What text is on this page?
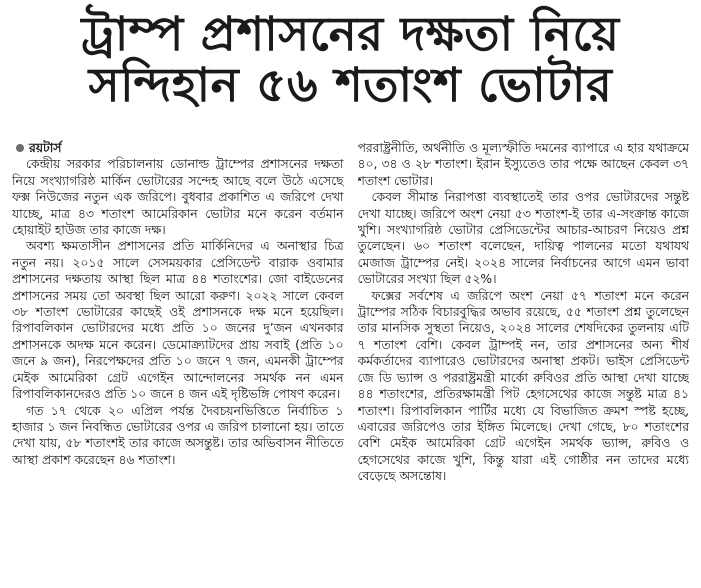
ট্রাম্প প্রশাসনের দক্ষতা নিয়ে
সন্দিহান ৫৬ শতাংশ ভোটার
রয়টার্স

কেন্দ্রীয় সরকার পরিচালনায় ডোনাল্ড ট্রাম্পের প্রশাসনের দক্ষতা নিয়ে সংখ্যাগরিষ্ঠ মার্কিন ভোটারের সন্দেহ আছে বলে উঠে এসেছে ফক্স নিউজের নতুন এক জরিপে। বুধবার প্রকাশিত এ জরিপে দেখা যাচ্ছে, মাত্র ৪৩ শতাংশ আমেরিকান ভোটার মনে করেন বর্তমান হোয়াইট হাউজ তার কাজে দক্ষ।

অবশ্য ক্ষমতাসীন প্রশাসনের প্রতি মার্কিনিদের এ অনাস্থার চিত্র নতুন নয়। ২০১৫ সালে সেসময়কার প্রেসিডেন্ট বারাক ওবামার প্রশাসনের দক্ষতায় আস্থা ছিল মাত্র ৪৪ শতাংশের। জো বাইডেনের প্রশাসনের সময় তো অবস্থা ছিল আরো করুণ। ২০২২ সালে কেবল ৩৮ শতাংশ ভোটারের কাছেই ওই প্রশাসনকে দক্ষ মনে হয়েছিল। রিপাবলিকান ভোটারদের মধ্যে প্রতি ১০ জনের দু’জন এখনকার প্রশাসনকে অদক্ষ মনে করেন। ডেমোক্র্যাটদের প্রায় সবাই (প্রতি ১০ জনে ৯ জন), নিরপেক্ষদের প্রতি ১০ জনে ৭ জন, এমনকী ট্রাম্পের মেইক আমেরিকা গ্রেট এগেইন আন্দোলনের সমর্থক নন এমন রিপাবলিকানদেরও প্রতি ১০ জনে ৪ জন এই দৃষ্টিভঙ্গি পোষণ করেন।

গত ১৭ থেকে ২০ এপ্রিল পর্যন্ত দৈবচয়নভিত্তিতে নির্বাচিত ১ হাজার ১ জন নিবন্ধিত ভোটারের ওপর এ জরিপ চালানো হয়। তাতে দেখা যায়, ৫৮ শতাংশই তার কাজে অসন্তুষ্ট। তার অভিবাসন নীতিতে আস্থা প্রকাশ করেছেন ৪৬ শতাংশ।

পররাষ্ট্রনীতি, অর্থনীতি ও মূল্যস্ফীতি দমনের ব্যাপারে এ হার যথাক্রমে ৪০, ৩৪ ও ২৮ শতাংশ। ইরান ইস্যুতেও তার পক্ষে আছেন কেবল ৩৭ শতাংশ ভোটার।

কেবল সীমান্ত নিরাপত্তা ব্যবস্থাতেই তার ওপর ভোটারদের সন্তুষ্ট দেখা যাচ্ছে। জরিপে অংশ নেয়া ৫৩ শতাংশ-ই তার এ-সংক্রান্ত কাজে খুশি। সংখ্যাগরিষ্ঠ ভোটার প্রেসিডেন্টের আচার-আচরণ নিয়েও প্রশ্ন তুলেছেন। ৬০ শতাংশ বলেছেন, দায়িত্ব পালনের মতো যথাযথ মেজাজ ট্রাম্পের নেই। ২০২৪ সালের নির্বাচনের আগে এমন ভাবা ভোটারের সংখ্যা ছিল ৫২%।

ফক্সের সর্বশেষ এ জরিপে অংশ নেয়া ৫৭ শতাংশ মনে করেন ট্রাম্পের সঠিক বিচারবুদ্ধির অভাব রয়েছে, ৫৫ শতাংশ প্রশ্ন তুলেছেন তার মানসিক সুস্থতা নিয়েও, ২০২৪ সালের শেষদিকের তুলনায় এটি ৭ শতাংশ বেশি। কেবল ট্রাম্পই নন, তার প্রশাসনের অন্য শীর্ষ কর্মকর্তাদের ব্যাপারেও ভোটারদের অনাস্থা প্রকট। ভাইস প্রেসিডেন্ট জে ডি ভ্যান্স ও পররাষ্ট্রমন্ত্রী মার্কো রুবিওর প্রতি আস্থা দেখা যাচ্ছে ৪৪ শতাংশের, প্রতিরক্ষামন্ত্রী পিট হেগসেথের কাজে সন্তুষ্ট মাত্র ৪১ শতাংশ। রিপাবলিকান পার্টির মধ্যে যে বিভাজিত ক্রমশ স্পষ্ট হচ্ছে, এবারের জরিপেও তার ইঙ্গিত মিলেছে। দেখা গেছে, ৮০ শতাংশের বেশি মেইক আমেরিকা গ্রেট এগেইন সমর্থক ভ্যান্স, রুবিও ও হেগসেথের কাজে খুশি, কিন্তু যারা এই গোষ্ঠীর নন তাদের মধ্যে বেড়েছে অসন্তোষ।
